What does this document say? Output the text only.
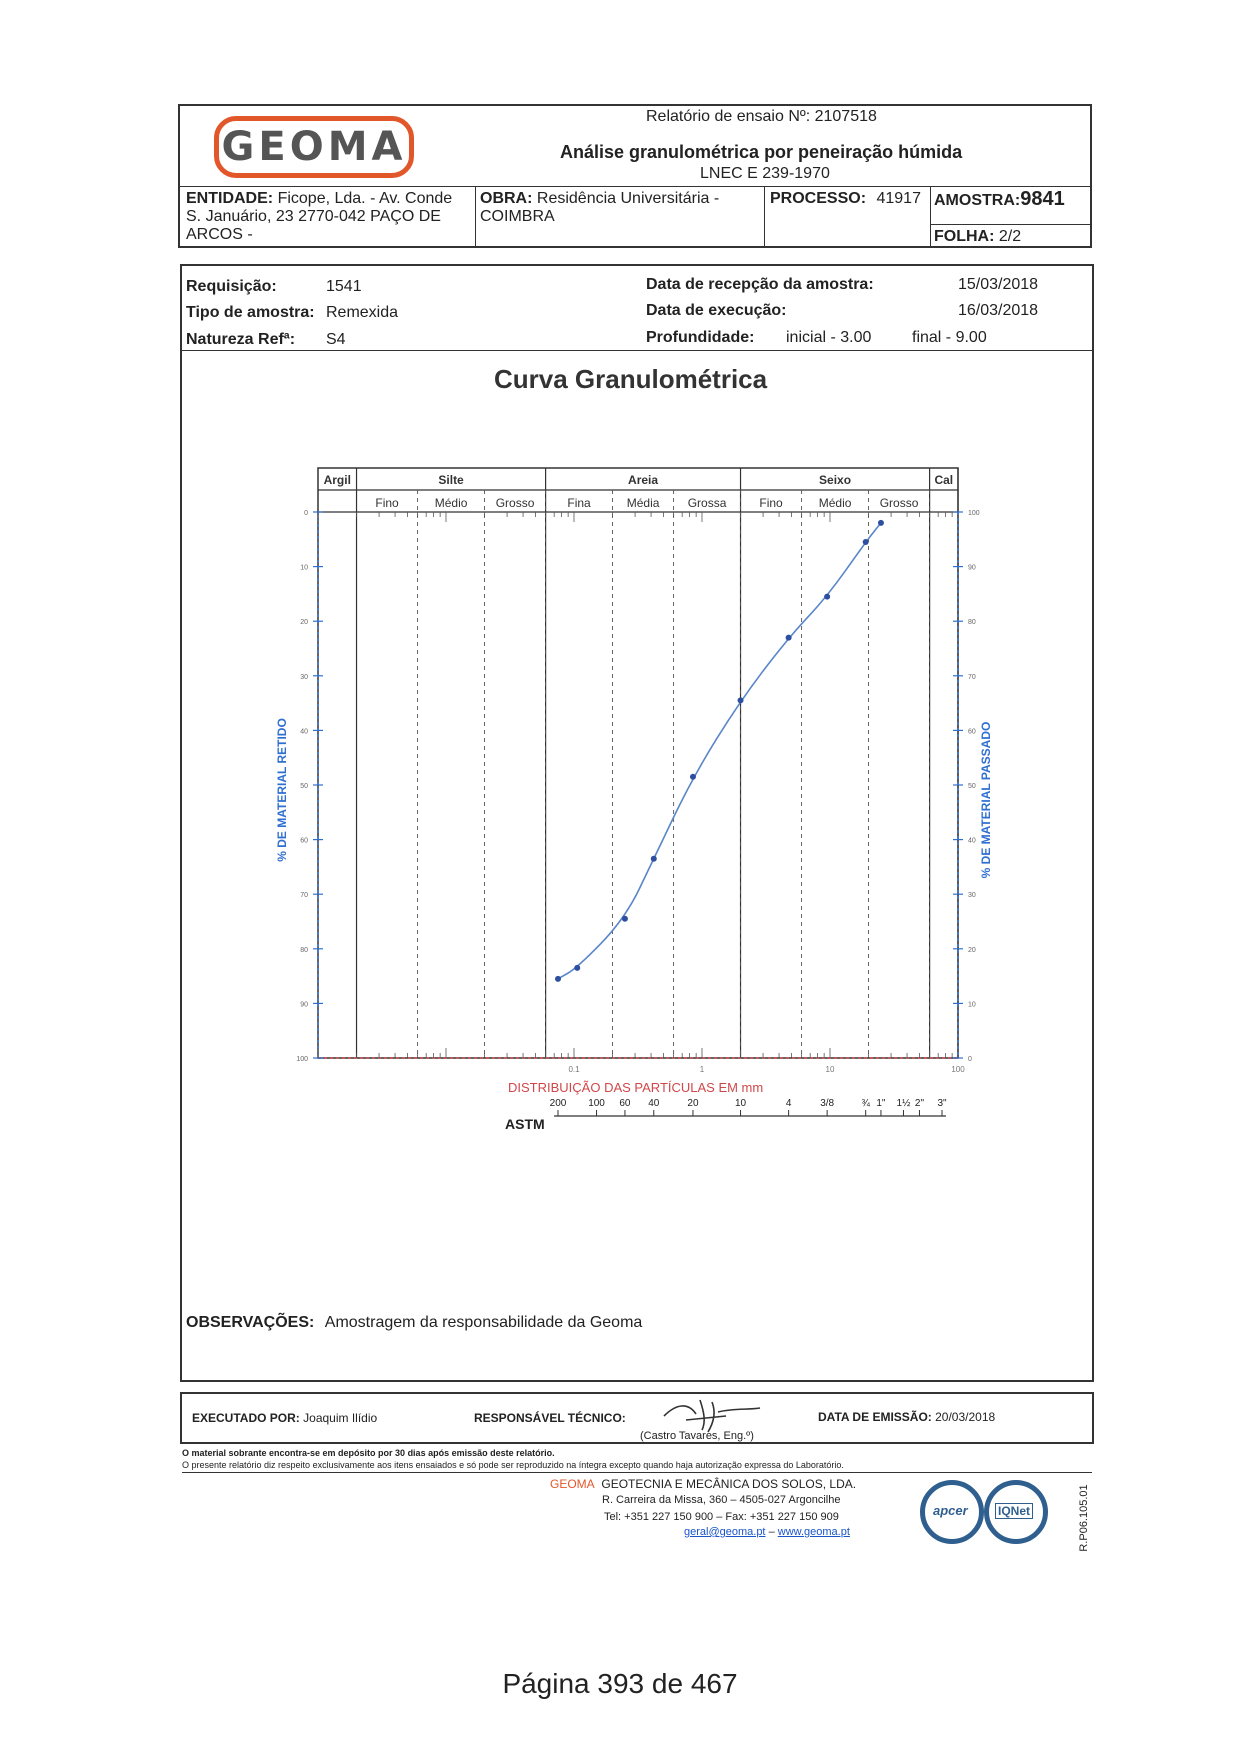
GEOMA
Relatório de ensaio Nº: 2107518
Análise granulométrica por peneiração húmida
LNEC E 239-1970
ENTIDADE: Ficope, Lda. - Av. Conde
S. Januário, 23 2770-042 PAÇO DE
ARCOS -
OBRA: Residência Universitária -
COIMBRA
PROCESSO: 41917 AMOSTRA:9841
FOLHA: 2/2
Requisição:	1541
Tipo de amostra: Remexida
Natureza Refª: S4
Data de recepção da amostra:	15/03/2018
Data de execução:	16/03/2018
Profundidade: inicial - 3.00	final - 9.00
Curva Granulométrica
Argil	Silte	Areia	Seixo	Cal
Fino	Médio Grosso	Fina	Média Grossa	Fino	Médio Grosso
0
10
20
30
40
50
60
70
80
90
100
100
90
80
70
60
50
40
30
20
10
0
0.1	1	10	100
200 100 60 40	20	10	4	3/8	¾ 1" 1½ 2" 3"
DISTRIBUIÇÃO DAS PARTÍCULAS EM mm
% DE MATERIAL RETIDO	% DE MATERIAL PASSADO
ASTM
OBSERVAÇÕES: Amostragem da responsabilidade da Geoma
EXECUTADO POR: Joaquim Ilídio	RESPONSÁVEL TÉCNICO:
(Castro Tavares, Eng.º)
DATA DE EMISSÃO: 20/03/2018
O material sobrante encontra-se em depósito por 30 dias após emissão deste relatório.
O presente relatório diz respeito exclusivamente aos itens ensaiados e só pode ser reproduzido na íntegra excepto quando haja autorização expressa do Laboratório.
GEOMA GEOTECNIA E MECÂNICA DOS SOLOS, LDA.
R. Carreira da Missa, 360 – 4505-027 Argoncilhe
Tel: +351 227 150 900 – Fax: +351 227 150 909
geral@geoma.pt – www.geoma.pt
apcer	IQNet	R.P06.105.01
Página 393 de 467
